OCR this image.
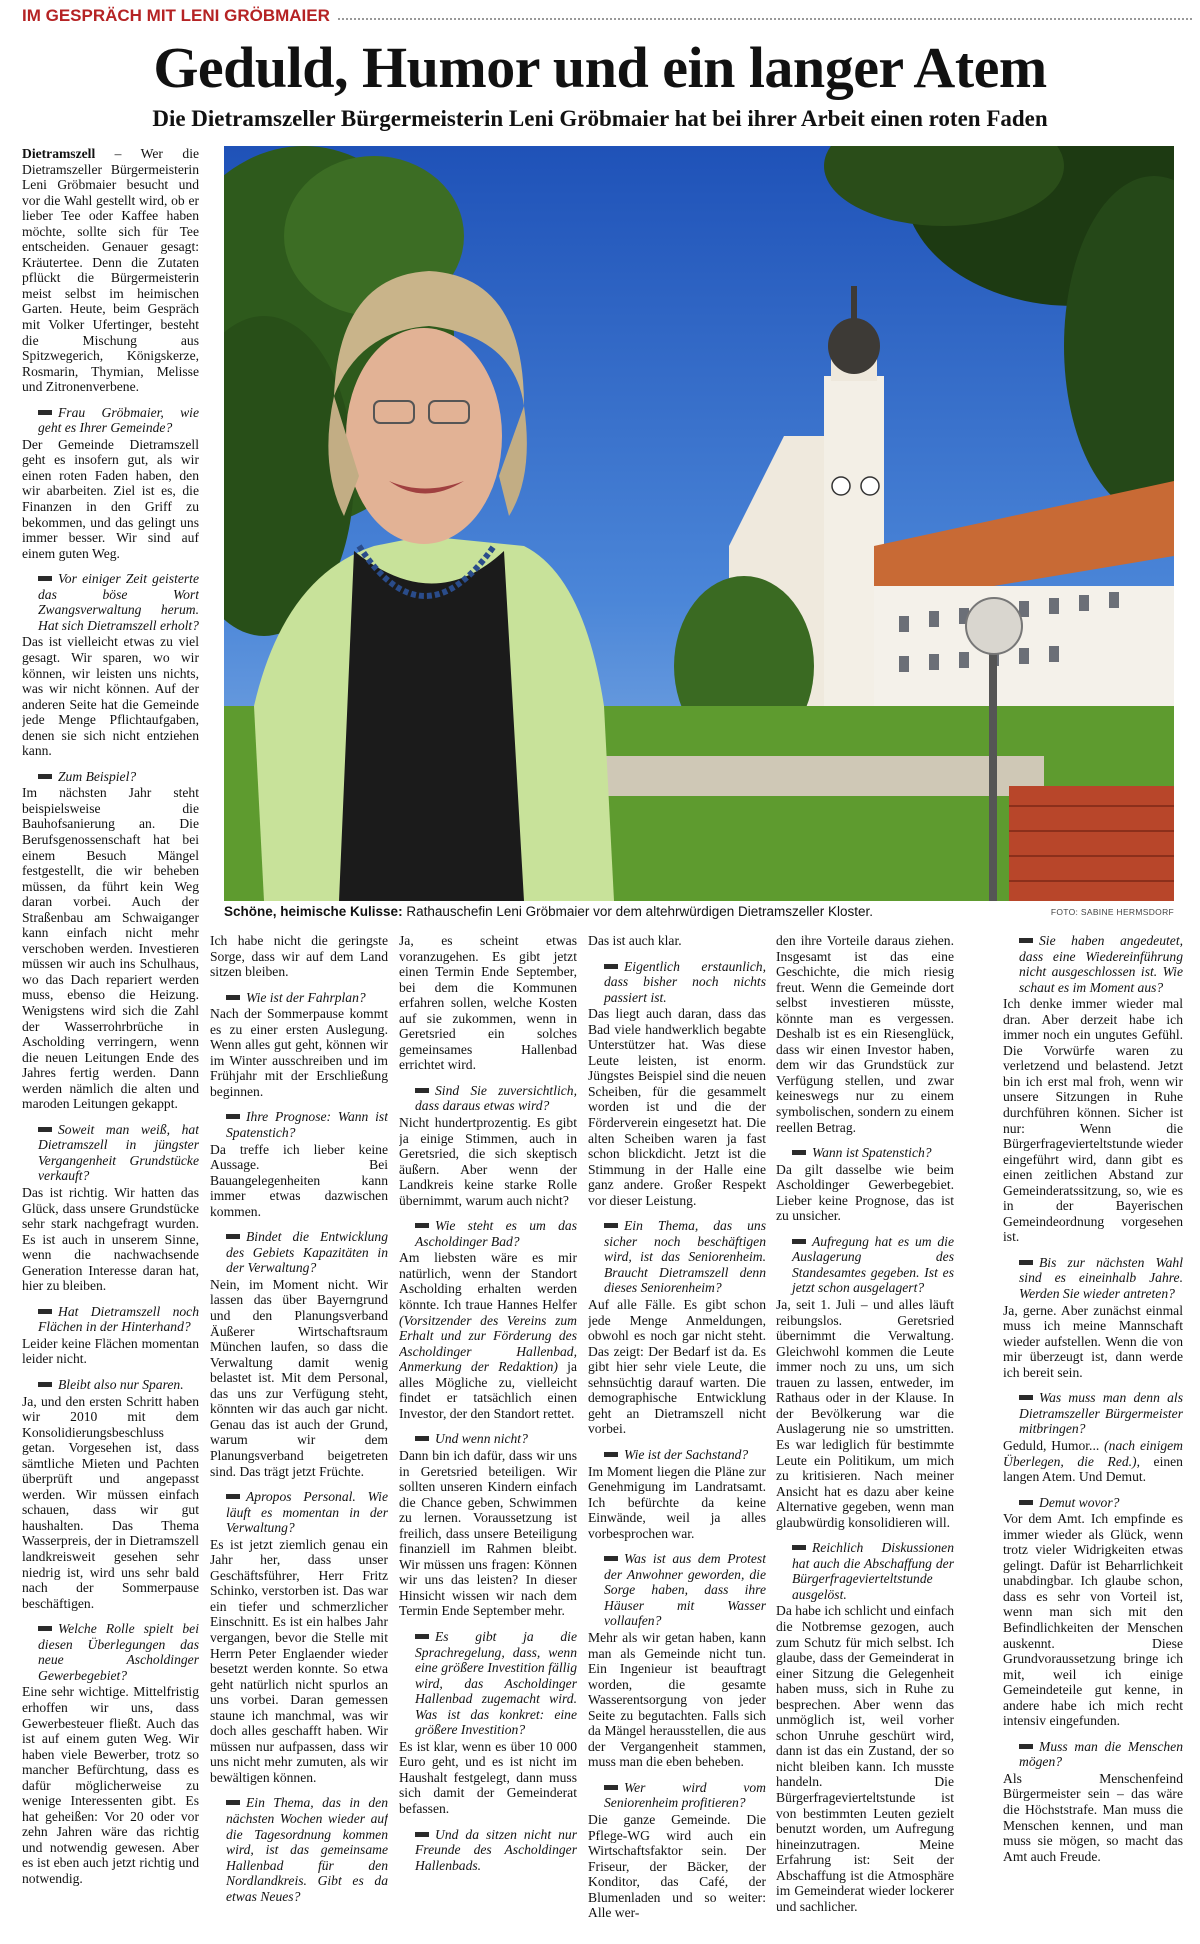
IM GESPRÄCH MIT LENI GRÖBMAIER
Geduld, Humor und ein langer Atem
Die Dietramszeller Bürgermeisterin Leni Gröbmaier hat bei ihrer Arbeit einen roten Faden
Schöne, heimische Kulisse: Rathauschefin Leni Gröbmaier vor dem altehrwürdigen Dietramszeller Kloster.	FOTO: SABINE HERMSDORF

Dietramszell – Wer die Dietramszeller Bürgermeisterin Leni Gröbmaier besucht und vor die Wahl gestellt wird, ob er lieber Tee oder Kaffee haben möchte, sollte sich für Tee entscheiden. Genauer gesagt: Kräutertee. Denn die Zutaten pflückt die Bürgermeisterin meist selbst im heimischen Garten. Heute, beim Gespräch mit Volker Ufertinger, besteht die Mischung aus Spitzwegerich, Königskerze, Rosmarin, Thymian, Melisse und Zitronenverbene.

Frau Gröbmaier, wie geht es Ihrer Gemeinde?

Der Gemeinde Dietramszell geht es insofern gut, als wir einen roten Faden haben, den wir abarbeiten. Ziel ist es, die Finanzen in den Griff zu bekommen, und das gelingt uns immer besser. Wir sind auf einem guten Weg.

Vor einiger Zeit geisterte das böse Wort Zwangsverwaltung herum. Hat sich Dietramszell erholt?

Das ist vielleicht etwas zu viel gesagt. Wir sparen, wo wir können, wir leisten uns nichts, was wir nicht können. Auf der anderen Seite hat die Gemeinde jede Menge Pflichtaufgaben, denen sie sich nicht entziehen kann.

Zum Beispiel?

Im nächsten Jahr steht beispielsweise die Bauhofsanierung an. Die Berufsgenossenschaft hat bei einem Besuch Mängel festgestellt, die wir beheben müssen, da führt kein Weg daran vorbei. Auch der Straßenbau am Schwaiganger kann einfach nicht mehr verschoben werden. Investieren müssen wir auch ins Schulhaus, wo das Dach repariert werden muss, ebenso die Heizung. Wenigstens wird sich die Zahl der Wasserrohrbrüche in Ascholding verringern, wenn die neuen Leitungen Ende des Jahres fertig werden. Dann werden nämlich die alten und maroden Leitungen gekappt.

Soweit man weiß, hat Dietramszell in jüngster Vergangenheit Grundstücke verkauft?

Das ist richtig. Wir hatten das Glück, dass unsere Grundstücke sehr stark nachgefragt wurden. Es ist auch in unserem Sinne, wenn die nachwachsende Generation Interesse daran hat, hier zu bleiben.

Hat Dietramszell noch Flächen in der Hinterhand?

Leider keine Flächen momentan leider nicht.

Bleibt also nur Sparen.

Ja, und den ersten Schritt haben wir 2010 mit dem Konsolidierungsbeschluss getan. Vorgesehen ist, dass sämtliche Mieten und Pachten überprüft und angepasst werden. Wir müssen einfach schauen, dass wir gut haushalten. Das Thema Wasserpreis, der in Dietramszell landkreisweit gesehen sehr niedrig ist, wird uns sehr bald nach der Sommerpause beschäftigen.

Welche Rolle spielt bei diesen Überlegungen das neue Ascholdinger Gewerbegebiet?

Eine sehr wichtige. Mittelfristig erhoffen wir uns, dass Gewerbesteuer fließt. Auch das ist auf einem guten Weg. Wir haben viele Bewerber, trotz so mancher Befürchtung, dass es dafür möglicherweise zu wenige Interessenten gibt. Es hat geheißen: Vor 20 oder vor zehn Jahren wäre das richtig und notwendig gewesen. Aber es ist eben auch jetzt richtig und notwendig.

Ich habe nicht die geringste Sorge, dass wir auf dem Land sitzen bleiben.

Wie ist der Fahrplan?

Nach der Sommerpause kommt es zu einer ersten Auslegung. Wenn alles gut geht, können wir im Winter ausschreiben und im Frühjahr mit der Erschließung beginnen.

Ihre Prognose: Wann ist Spatenstich?

Da treffe ich lieber keine Aussage. Bei Bauangelegenheiten kann immer etwas dazwischen kommen.

Bindet die Entwicklung des Gebiets Kapazitäten in der Verwaltung?

Nein, im Moment nicht. Wir lassen das über Bayerngrund und den Planungsverband Äußerer Wirtschaftsraum München laufen, so dass die Verwaltung damit wenig belastet ist. Mit dem Personal, das uns zur Verfügung steht, könnten wir das auch gar nicht. Genau das ist auch der Grund, warum wir dem Planungsverband beigetreten sind. Das trägt jetzt Früchte.

Apropos Personal. Wie läuft es momentan in der Verwaltung?

Es ist jetzt ziemlich genau ein Jahr her, dass unser Geschäftsführer, Herr Fritz Schinko, verstorben ist. Das war ein tiefer und schmerzlicher Einschnitt. Es ist ein halbes Jahr vergangen, bevor die Stelle mit Herrn Peter Englaender wieder besetzt werden konnte. So etwa geht natürlich nicht spurlos an uns vorbei. Daran gemessen staune ich manchmal, was wir doch alles geschafft haben. Wir müssen nur aufpassen, dass wir uns nicht mehr zumuten, als wir bewältigen können.

Ein Thema, das in den nächsten Wochen wieder auf die Tagesordnung kommen wird, ist das gemeinsame Hallenbad für den Nordlandkreis. Gibt es da etwas Neues?

Ja, es scheint etwas voranzugehen. Es gibt jetzt einen Termin Ende September, bei dem die Kommunen erfahren sollen, welche Kosten auf sie zukommen, wenn in Geretsried ein solches gemeinsames Hallenbad errichtet wird.

Sind Sie zuversichtlich, dass daraus etwas wird?

Nicht hundertprozentig. Es gibt ja einige Stimmen, auch in Geretsried, die sich skeptisch äußern. Aber wenn der Landkreis keine starke Rolle übernimmt, warum auch nicht?

Wie steht es um das Ascholdinger Bad?

Am liebsten wäre es mir natürlich, wenn der Standort Ascholding erhalten werden könnte. Ich traue Hannes Helfer (Vorsitzender des Vereins zum Erhalt und zur Förderung des Ascholdinger Hallenbad, Anmerkung der Redaktion) ja alles Mögliche zu, vielleicht findet er tatsächlich einen Investor, der den Standort rettet.

Und wenn nicht?

Dann bin ich dafür, dass wir uns in Geretsried beteiligen. Wir sollten unseren Kindern einfach die Chance geben, Schwimmen zu lernen. Voraussetzung ist freilich, dass unsere Beteiligung finanziell im Rahmen bleibt. Wir müssen uns fragen: Können wir uns das leisten? In dieser Hinsicht wissen wir nach dem Termin Ende September mehr.

Es gibt ja die Sprachregelung, dass, wenn eine größere Investition fällig wird, das Ascholdinger Hallenbad zugemacht wird. Was ist das konkret: eine größere Investition?

Es ist klar, wenn es über 10 000 Euro geht, und es ist nicht im Haushalt festgelegt, dann muss sich damit der Gemeinderat befassen.

Und da sitzen nicht nur Freunde des Ascholdinger Hallenbads.

Das ist auch klar.

Eigentlich erstaunlich, dass bisher noch nichts passiert ist.

Das liegt auch daran, dass das Bad viele handwerklich begabte Unterstützer hat. Was diese Leute leisten, ist enorm. Jüngstes Beispiel sind die neuen Scheiben, für die gesammelt worden ist und die der Förderverein eingesetzt hat. Die alten Scheiben waren ja fast schon blickdicht. Jetzt ist die Stimmung in der Halle eine ganz andere. Großer Respekt vor dieser Leistung.

Ein Thema, das uns sicher noch beschäftigen wird, ist das Seniorenheim. Braucht Dietramszell denn dieses Seniorenheim?

Auf alle Fälle. Es gibt schon jede Menge Anmeldungen, obwohl es noch gar nicht steht. Das zeigt: Der Bedarf ist da. Es gibt hier sehr viele Leute, die sehnsüchtig darauf warten. Die demographische Entwicklung geht an Dietramszell nicht vorbei.

Wie ist der Sachstand?

Im Moment liegen die Pläne zur Genehmigung im Landratsamt. Ich befürchte da keine Einwände, weil ja alles vorbesprochen war.

Was ist aus dem Protest der Anwohner geworden, die Sorge haben, dass ihre Häuser mit Wasser vollaufen?

Mehr als wir getan haben, kann man als Gemeinde nicht tun. Ein Ingenieur ist beauftragt worden, die gesamte Wasserentsorgung von jeder Seite zu begutachten. Falls sich da Mängel herausstellen, die aus der Vergangenheit stammen, muss man die eben beheben.

Wer wird vom Seniorenheim profitieren?

Die ganze Gemeinde. Die Pflege-WG wird auch ein Wirtschaftsfaktor sein. Der Friseur, der Bäcker, der Konditor, das Café, der Blumenladen und so weiter: Alle wer-

den ihre Vorteile daraus ziehen. Insgesamt ist das eine Geschichte, die mich riesig freut. Wenn die Gemeinde dort selbst investieren müsste, könnte man es vergessen. Deshalb ist es ein Riesenglück, dass wir einen Investor haben, dem wir das Grundstück zur Verfügung stellen, und zwar keineswegs nur zu einem symbolischen, sondern zu einem reellen Betrag.

Wann ist Spatenstich?

Da gilt dasselbe wie beim Ascholdinger Gewerbegebiet. Lieber keine Prognose, das ist zu unsicher.

Aufregung hat es um die Auslagerung des Standesamtes gegeben. Ist es jetzt schon ausgelagert?

Ja, seit 1. Juli – und alles läuft reibungslos. Geretsried übernimmt die Verwaltung. Gleichwohl kommen die Leute immer noch zu uns, um sich trauen zu lassen, entweder, im Rathaus oder in der Klause. In der Bevölkerung war die Auslagerung nie so umstritten. Es war lediglich für bestimmte Leute ein Politikum, um mich zu kritisieren. Nach meiner Ansicht hat es dazu aber keine Alternative gegeben, wenn man glaubwürdig konsolidieren will.

Reichlich Diskussionen hat auch die Abschaffung der Bürgerfragevierteltstunde ausgelöst.

Da habe ich schlicht und einfach die Notbremse gezogen, auch zum Schutz für mich selbst. Ich glaube, dass der Gemeinderat in einer Sitzung die Gelegenheit haben muss, sich in Ruhe zu besprechen. Aber wenn das unmöglich ist, weil vorher schon Unruhe geschürt wird, dann ist das ein Zustand, der so nicht bleiben kann. Ich musste handeln. Die Bürgerfragevierteltstunde ist von bestimmten Leuten gezielt benutzt worden, um Aufregung hineinzutragen. Meine Erfahrung ist: Seit der Abschaffung ist die Atmosphäre im Gemeinderat wieder lockerer und sachlicher.

Sie haben angedeutet, dass eine Wiedereinführung nicht ausgeschlossen ist. Wie schaut es im Moment aus?

Ich denke immer wieder mal dran. Aber derzeit habe ich immer noch ein ungutes Gefühl. Die Vorwürfe waren zu verletzend und belastend. Jetzt bin ich erst mal froh, wenn wir unsere Sitzungen in Ruhe durchführen können. Sicher ist nur: Wenn die Bürgerfragevierteltstunde wieder eingeführt wird, dann gibt es einen zeitlichen Abstand zur Gemeinderatssitzung, so, wie es in der Bayerischen Gemeindeordnung vorgesehen ist.

Bis zur nächsten Wahl sind es eineinhalb Jahre. Werden Sie wieder antreten?

Ja, gerne. Aber zunächst einmal muss ich meine Mannschaft wieder aufstellen. Wenn die von mir überzeugt ist, dann werde ich bereit sein.

Was muss man denn als Dietramszeller Bürgermeister mitbringen?

Geduld, Humor... (nach einigem Überlegen, die Red.), einen langen Atem. Und Demut.

Demut wovor?

Vor dem Amt. Ich empfinde es immer wieder als Glück, wenn trotz vieler Widrigkeiten etwas gelingt. Dafür ist Beharrlichkeit unabdingbar. Ich glaube schon, dass es sehr von Vorteil ist, wenn man sich mit den Befindlichkeiten der Menschen auskennt. Diese Grundvoraussetzung bringe ich mit, weil ich einige Gemeindeteile gut kenne, in andere habe ich mich recht intensiv eingefunden.

Muss man die Menschen mögen?

Als Menschenfeind Bürgermeister sein – das wäre die Höchststrafe. Man muss die Menschen kennen, und man muss sie mögen, so macht das Amt auch Freude.
